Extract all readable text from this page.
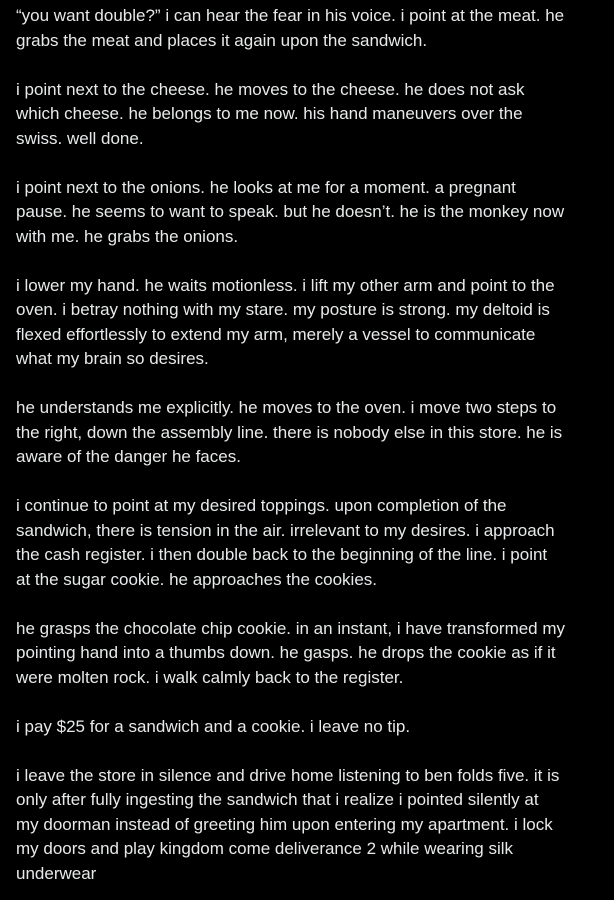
“you want double?” i can hear the fear in his voice. i point at the meat. he
grabs the meat and places it again upon the sandwich.

i point next to the cheese. he moves to the cheese. he does not ask
which cheese. he belongs to me now. his hand maneuvers over the
swiss. well done.

i point next to the onions. he looks at me for a moment. a pregnant
pause. he seems to want to speak. but he doesn’t. he is the monkey now
with me. he grabs the onions.

i lower my hand. he waits motionless. i lift my other arm and point to the
oven. i betray nothing with my stare. my posture is strong. my deltoid is
flexed effortlessly to extend my arm, merely a vessel to communicate
what my brain so desires.

he understands me explicitly. he moves to the oven. i move two steps to
the right, down the assembly line. there is nobody else in this store. he is
aware of the danger he faces.

i continue to point at my desired toppings. upon completion of the
sandwich, there is tension in the air. irrelevant to my desires. i approach
the cash register. i then double back to the beginning of the line. i point
at the sugar cookie. he approaches the cookies.

he grasps the chocolate chip cookie. in an instant, i have transformed my
pointing hand into a thumbs down. he gasps. he drops the cookie as if it
were molten rock. i walk calmly back to the register.

i pay $25 for a sandwich and a cookie. i leave no tip.

i leave the store in silence and drive home listening to ben folds five. it is
only after fully ingesting the sandwich that i realize i pointed silently at
my doorman instead of greeting him upon entering my apartment. i lock
my doors and play kingdom come deliverance 2 while wearing silk
underwear
